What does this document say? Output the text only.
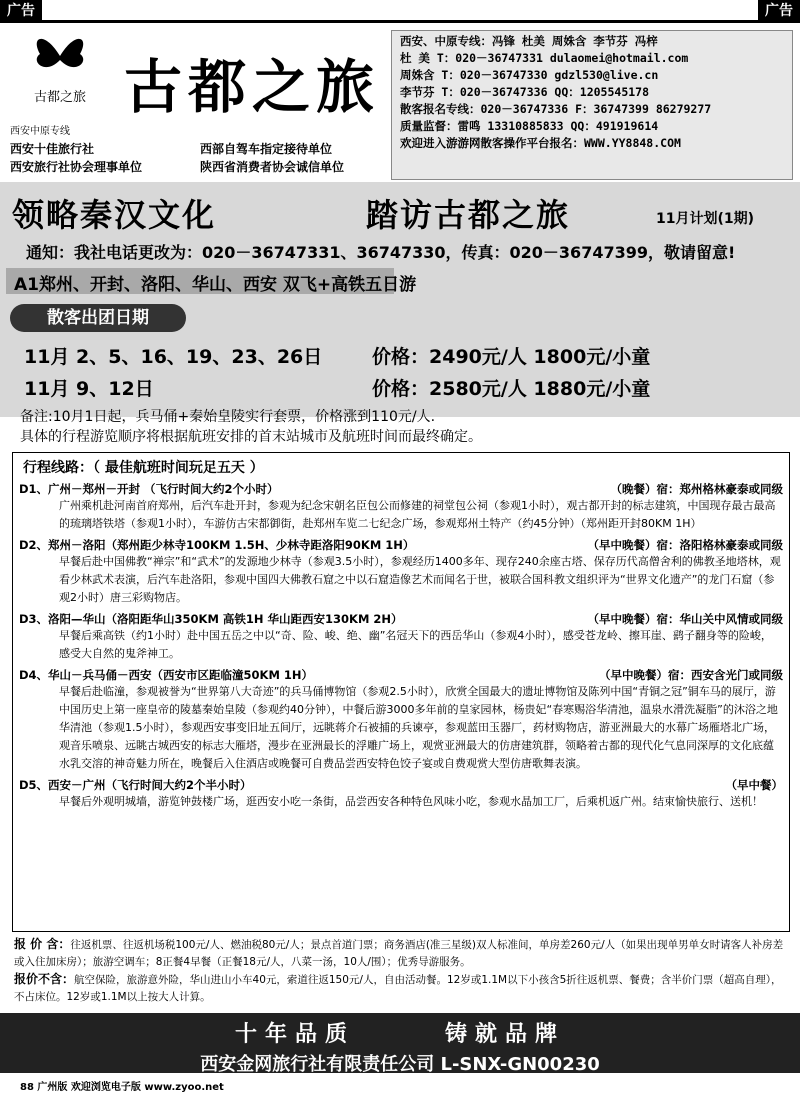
广告	广告
古都之旅 古都之旅
西安中原专线
西安十佳旅行社	西部自驾车指定接待单位
西安旅行社协会理事单位	陕西省消费者协会诚信单位
西安、中原专线：冯锋 杜美 周姝含 李节芬 冯梓
杜 美 T：020－36747331 dulaomei@hotmail.com
周姝含 T：020－36747330 gdzl530@live.cn
李节芬 T：020－36747336 QQ：1205545178
散客报名专线：020－36747336 F：36747399 86279277
质量监督：雷鸣 13310885833 QQ：491919614
欢迎进入游游网散客操作平台报名：WWW.YY8848.COM
领略秦汉文化	踏访古都之旅	11月计划(1期)
通知：我社电话更改为：020－36747331、36747330，传真：020－36747399，敬请留意!
A1郑州、开封、洛阳、华山、西安 双飞+高铁五日游
散客出团日期
11月 2、5、16、19、23、26日	价格：2490元/人 1800元/小童
11月 9、12日	价格：2580元/人 1880元/小童
备注:10月1日起，兵马俑+秦始皇陵实行套票，价格涨到110元/人.
具体的行程游览顺序将根据航班安排的首末站城市及航班时间而最终确定。
行程线路：（ 最佳航班时间玩足五天 ）
D1、广州－郑州－开封 （飞行时间大约2个小时）	（晚餐）宿：郑州格林豪泰或同级
广州乘机赴河南首府郑州，后汽车赴开封，参观为纪念宋朝名臣包公而修建的祠堂包公祠（参观1小时），观古都开封的标志建筑，中国现存最古最高的琉璃塔铁塔（参观1小时），车游仿古宋都御街，赴郑州车览二七纪念广场，参观郑州土特产（约45分钟）（郑州距开封80KM 1H）
D2、郑州－洛阳（郑州距少林寺100KM 1.5H、少林寺距洛阳90KM 1H）	（早中晚餐）宿：洛阳格林豪泰或同级
早餐后赴中国佛教“禅宗”和“武术”的发源地少林寺（参观3.5小时），参观经历1400多年、现存240余座古塔、保存历代高僧舍利的佛教圣地塔林，观看少林武术表演，后汽车赴洛阳，参观中国四大佛教石窟之中以石窟造像艺术而闻名于世，被联合国科教文组织评为“世界文化遗产”的龙门石窟（参观2小时）唐三彩购物店。
D3、洛阳—华山（洛阳距华山350KM 高铁1H 华山距西安130KM 2H）	（早中晚餐）宿：华山关中风情或同级
早餐后乘高铁（约1小时）赴中国五岳之中以“奇、险、峻、绝、幽”名冠天下的西岳华山（参观4小时），感受苍龙岭、擦耳崖、鹞子翻身等的险峻，感受大自然的鬼斧神工。
D4、华山－兵马俑－西安（西安市区距临潼50KM 1H）	（早中晚餐）宿：西安含光门或同级
早餐后赴临潼，参观被誉为“世界第八大奇迹”的兵马俑博物馆（参观2.5小时），欣赏全国最大的遗址博物馆及陈列中国“青铜之冠”铜车马的展厅，游中国历史上第一座皇帝的陵墓秦始皇陵（参观约40分钟），中餐后游3000多年前的皇家园林，杨贵妃“春寒赐浴华清池，温泉水滑洗凝脂”的沐浴之地华清池（参观1.5小时），参观西安事变旧址五间厅，远眺蒋介石被捕的兵谏亭，参观蓝田玉器厂，药材购物店，游亚洲最大的水幕广场雁塔北广场，观音乐喷泉、远眺古城西安的标志大雁塔，漫步在亚洲最长的浮雕广场上，观赏亚洲最大的仿唐建筑群，领略着古都的现代化气息同深厚的文化底蕴水乳交溶的神奇魅力所在，晚餐后入住酒店或晚餐可自费品尝西安特色饺子宴或自费观赏大型仿唐歌舞表演。
D5、西安－广州（飞行时间大约2个半小时）	（早中餐）
早餐后外观明城墙，游览钟鼓楼广场，逛西安小吃一条街，品尝西安各种特色风味小吃，参观水晶加工厂，后乘机返广州。结束愉快旅行、送机！
报 价 含：往返机票、往返机场税100元/人、燃油税80元/人；景点首道门票；商务酒店(准三星级)双人标准间，单房差260元/人（如果出现单男单女时请客人补房差或入住加床房）；旅游空调车；8正餐4早餐（正餐18元/人，八菜一汤，10人/围）；优秀导游服务。
报价不含：航空保险，旅游意外险，华山进山小车40元，索道往返150元/人，自由活动餐。12岁或1.1M以下小孩含5折往返机票、餐费；含半价门票（超高自理），不占床位。12岁或1.1M以上按大人计算。
十年品质　　　	铸就品牌
西安金网旅行社有限责任公司 L-SNX-GN00230
88 广州版 欢迎浏览电子版 www.zyoo.net
